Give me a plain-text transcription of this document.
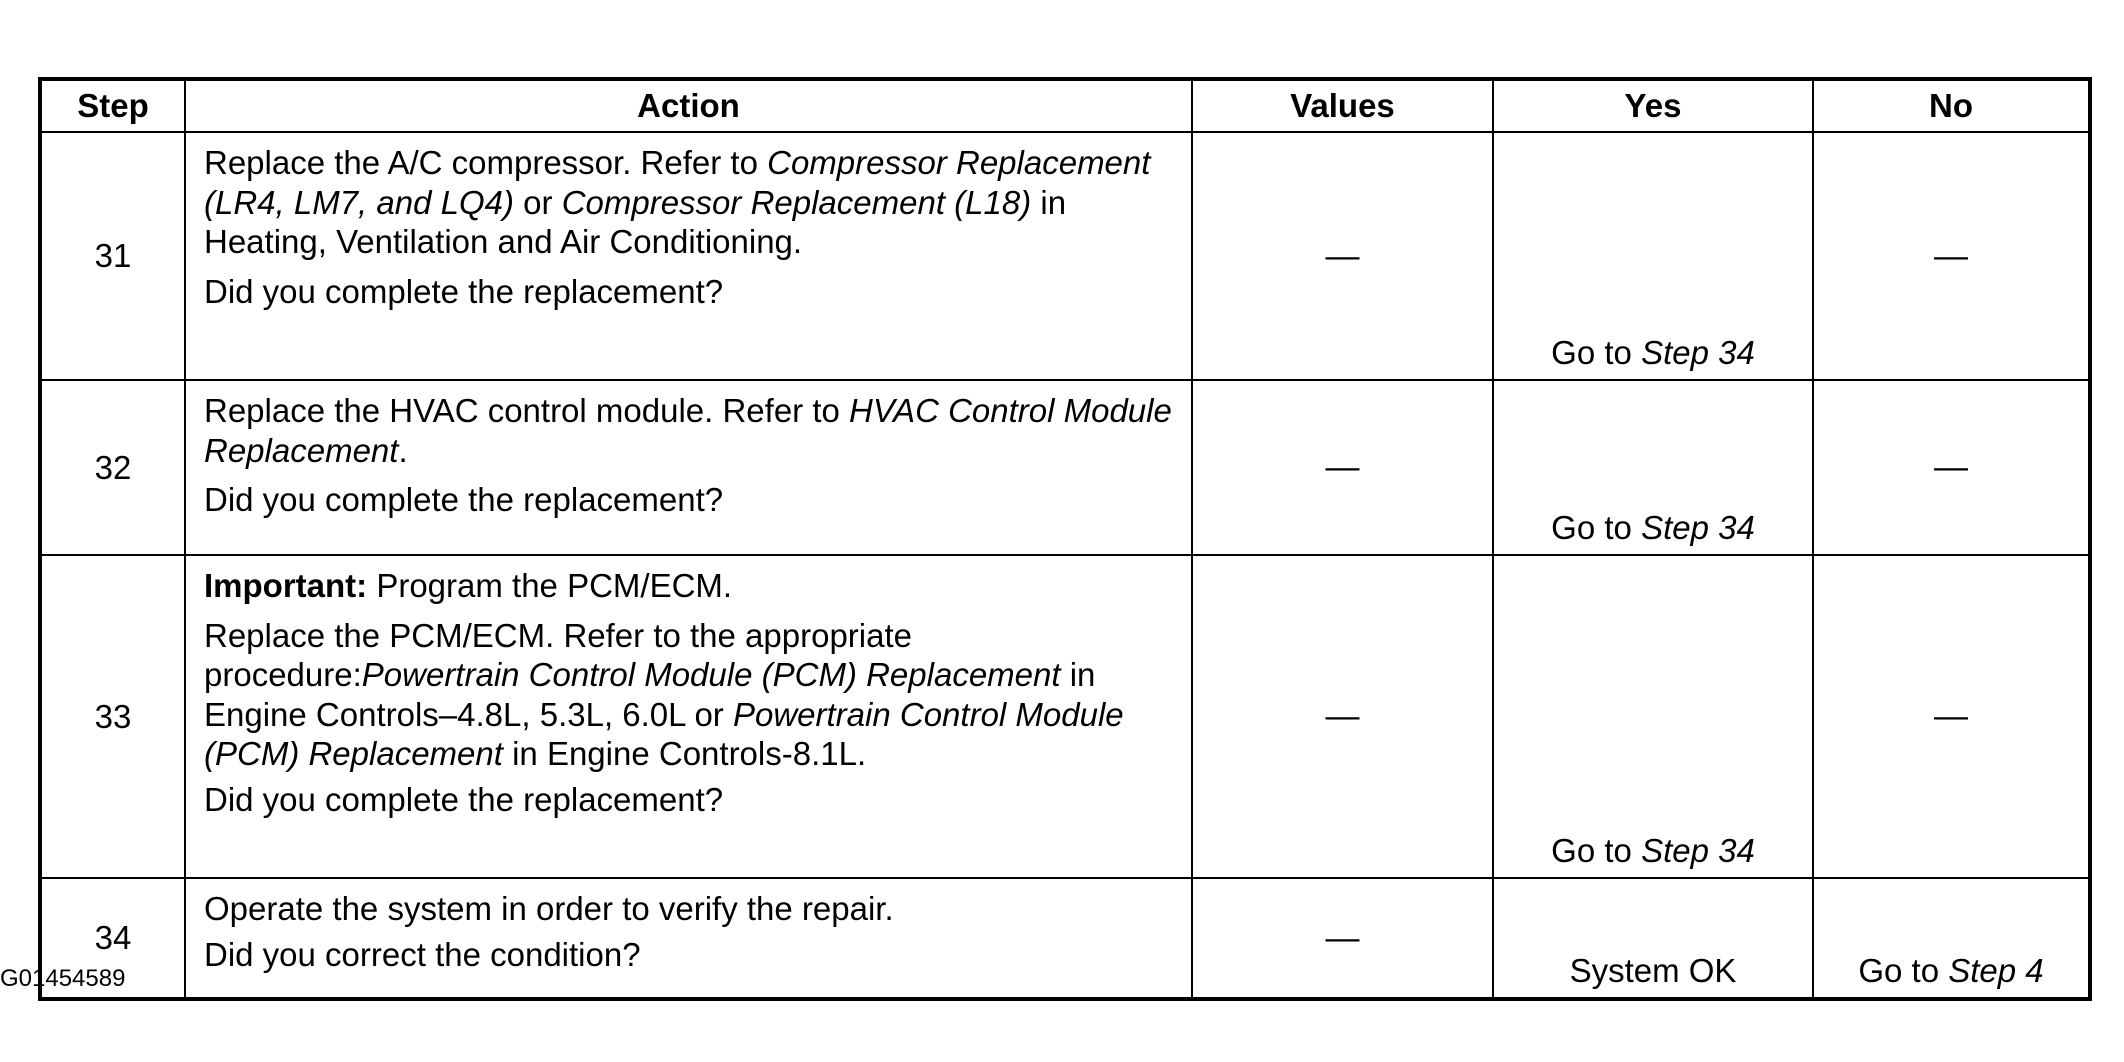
Step	Action	Values	Yes	No
31	Replace the A/C compressor. Refer to Compressor Replacement (LR4, LM7, and LQ4) or Compressor Replacement (L18) in Heating, Ventilation and Air Conditioning.

Did you complete the replacement?	—	Go to Step 34	—
32	Replace the HVAC control module. Refer to HVAC Control Module Replacement.

Did you complete the replacement?	—	Go to Step 34	—
33	Important: Program the PCM/ECM.

Replace the PCM/ECM. Refer to the appropriate procedure:Powertrain Control Module (PCM) Replacement in Engine Controls–4.8L, 5.3L, 6.0L or Powertrain Control Module (PCM) Replacement in Engine Controls-8.1L.

Did you complete the replacement?	—	Go to Step 34	—
34	Operate the system in order to verify the repair.

Did you correct the condition?	—	System OK	Go to Step 4
G01454589
